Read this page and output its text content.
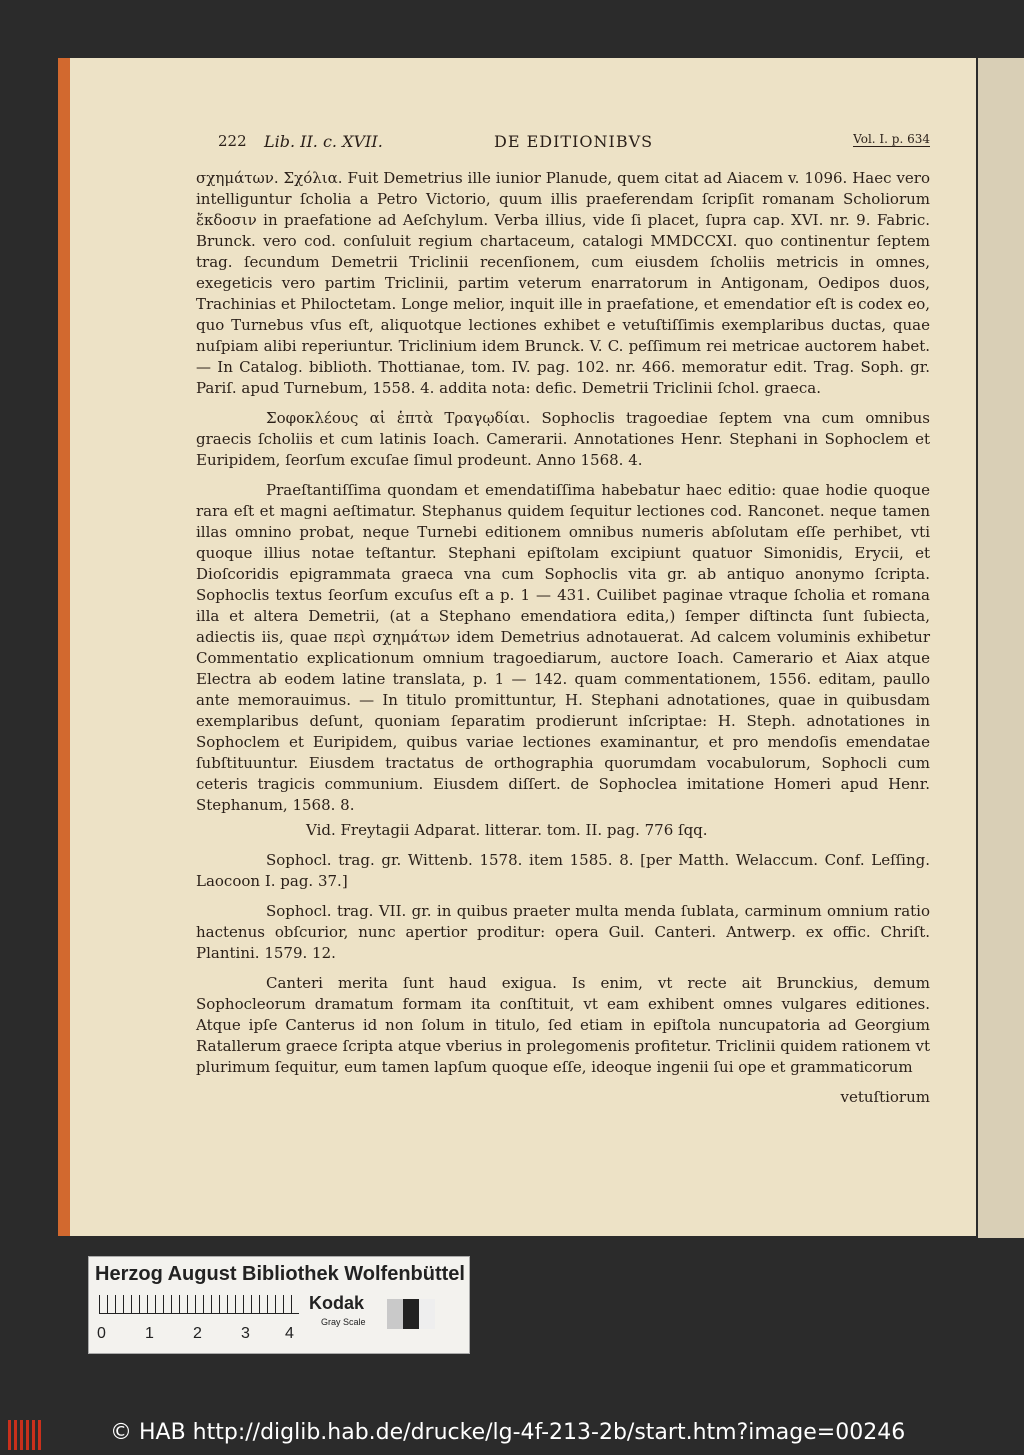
222 Lib. II. c. XVII.	DE EDITIONIBVS	Vol. I. p. 634

σχημάτων. Σχόλια. Fuit Demetrius ille iunior Planude, quem citat ad Aiacem v. 1096. Haec vero intelliguntur ſcholia a Petro Victorio, quum illis praeferendam ſcripſit romanam Scholiorum ἔκδοσιν in praefatione ad Aeſchylum. Verba illius, vide ſi placet, ſupra cap. XVI. nr. 9. Fabric. Brunck. vero cod. conſuluit regium chartaceum, catalogi MMDCCXI. quo continentur ſeptem trag. ſecundum Demetrii Triclinii recenſionem, cum eiusdem ſcholiis metricis in omnes, exegeticis vero partim Triclinii, partim veterum enarratorum in Antigonam, Oedipos duos, Trachinias et Philoctetam. Longe melior, inquit ille in praefatione, et emendatior eſt is codex eo, quo Turnebus vſus eſt, aliquotque lectiones exhibet e vetuſtiſſimis exemplaribus ductas, quae nuſpiam alibi reperiuntur. Triclinium idem Brunck. V. C. peſſimum rei metricae auctorem habet. — In Catalog. biblioth. Thottianae, tom. IV. pag. 102. nr. 466. memoratur edit. Trag. Soph. gr. Pariſ. apud Turnebum, 1558. 4. addita nota: defic. Demetrii Triclinii ſchol. graeca.

Σοφοκλέους αἱ ἑπτὰ Τραγῳδίαι. Sophoclis tragoediae ſeptem vna cum omnibus graecis ſcholiis et cum latinis Ioach. Camerarii. Annotationes Henr. Stephani in Sophoclem et Euripidem, ſeorſum excuſae ſimul prodeunt. Anno 1568. 4.

Praeſtantiſſima quondam et emendatiſſima habebatur haec editio: quae hodie quoque rara eſt et magni aeſtimatur. Stephanus quidem ſequitur lectiones cod. Ranconet. neque tamen illas omnino probat, neque Turnebi editionem omnibus numeris abſolutam eſſe perhibet, vti quoque illius notae teſtantur. Stephani epiſtolam excipiunt quatuor Simonidis, Erycii, et Dioſcoridis epigrammata graeca vna cum Sophoclis vita gr. ab antiquo anonymo ſcripta. Sophoclis textus ſeorſum excuſus eſt a p. 1 — 431. Cuilibet paginae vtraque ſcholia et romana illa et altera Demetrii, (at a Stephano emendatiora edita,) ſemper diſtincta ſunt ſubiecta, adiectis iis, quae περὶ σχημάτων idem Demetrius adnotauerat. Ad calcem voluminis exhibetur Commentatio explicationum omnium tragoediarum, auctore Ioach. Camerario et Aiax atque Electra ab eodem latine translata, p. 1 — 142. quam commentationem, 1556. editam, paullo ante memorauimus. — In titulo promittuntur, H. Stephani adnotationes, quae in quibusdam exemplaribus deſunt, quoniam ſeparatim prodierunt inſcriptae: H. Steph. adnotationes in Sophoclem et Euripidem, quibus variae lectiones examinantur, et pro mendoſis emendatae ſubſtituuntur. Eiusdem tractatus de orthographia quorumdam vocabulorum, Sophocli cum ceteris tragicis communium. Eiusdem diſſert. de Sophoclea imitatione Homeri apud Henr. Stephanum, 1568. 8.

Vid. Freytagii Adparat. litterar. tom. II. pag. 776 ſqq.

Sophocl. trag. gr. Wittenb. 1578. item 1585. 8. [per Matth. Welaccum. Conf. Leſſing. Laocoon I. pag. 37.]

Sophocl. trag. VII. gr. in quibus praeter multa menda ſublata, carminum omnium ratio hactenus obſcurior, nunc apertior proditur: opera Guil. Canteri. Antwerp. ex offic. Chriſt. Plantini. 1579. 12.

Canteri merita ſunt haud exigua. Is enim, vt recte ait Brunckius, demum Sophocleorum dramatum formam ita conſtituit, vt eam exhibent omnes vulgares editiones. Atque ipſe Canterus id non ſolum in titulo, ſed etiam in epiſtola nuncupatoria ad Georgium Ratallerum graece ſcripta atque vberius in prolegomenis profitetur. Triclinii quidem rationem vt plurimum ſequitur, eum tamen lapſum quoque eſſe, ideoque ingenii ſui ope et grammaticorum

vetuſtiorum

Herzog August Bibliothek Wolfenbüttel
0 1 2 3 4
Kodak
Gray Scale
© HAB http://diglib.hab.de/drucke/lg-4f-213-2b/start.htm?image=00246
